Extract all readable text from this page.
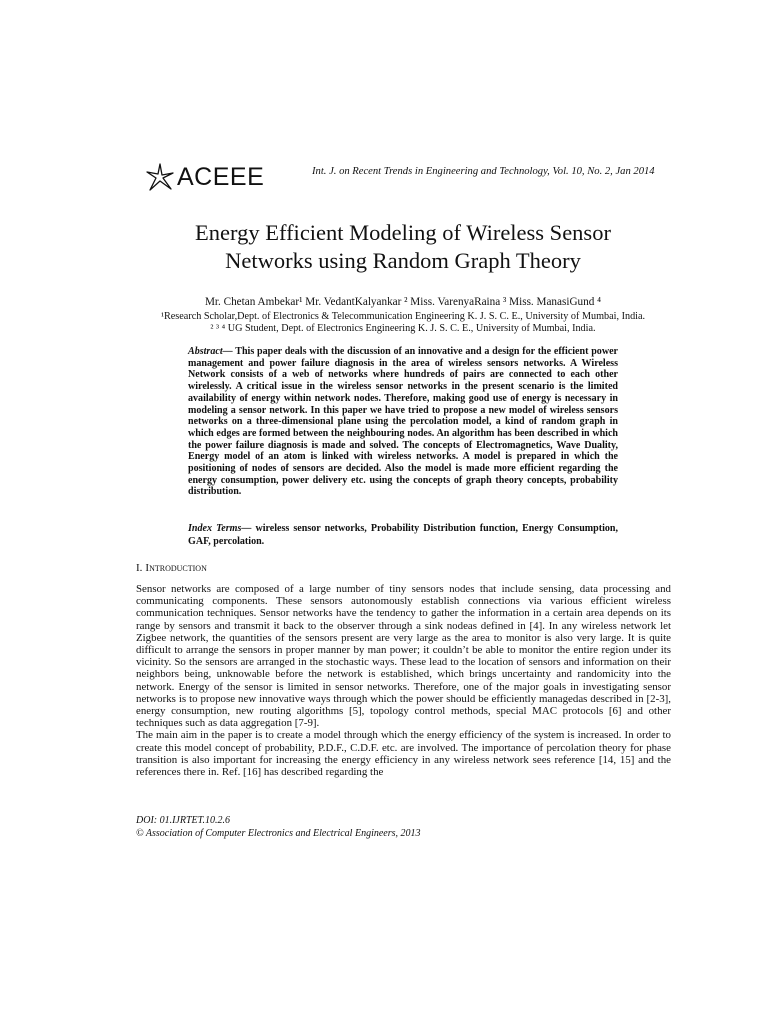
ACEEE	Int. J. on Recent Trends in Engineering and Technology, Vol. 10, No. 2, Jan 2014
Energy Efficient Modeling of Wireless Sensor
Networks using Random Graph Theory
Mr. Chetan Ambekar¹ Mr. VedantKalyankar ² Miss. VarenyaRaina ³ Miss. ManasiGund ⁴
¹Research Scholar,Dept. of Electronics & Telecommunication Engineering K. J. S. C. E., University of Mumbai, India.
² ³ ⁴ UG Student, Dept. of Electronics Engineering K. J. S. C. E., University of Mumbai, India.

Abstract— This paper deals with the discussion of an innovative and a design for the efficient power management and power failure diagnosis in the area of wireless sensors networks. A Wireless Network consists of a web of networks where hundreds of pairs are connected to each other wirelessly. A critical issue in the wireless sensor networks in the present scenario is the limited availability of energy within network nodes. Therefore, making good use of energy is necessary in modeling a sensor network. In this paper we have tried to propose a new model of wireless sensors networks on a three-dimensional plane using the percolation model, a kind of random graph in which edges are formed between the neighbouring nodes. An algorithm has been described in which the power failure diagnosis is made and solved. The concepts of Electromagnetics, Wave Duality, Energy model of an atom is linked with wireless networks. A model is prepared in which the positioning of nodes of sensors are decided. Also the model is made more efficient regarding the energy consumption, power delivery etc. using the concepts of graph theory concepts, probability distribution.

Index Terms— wireless sensor networks, Probability Distribution function, Energy Consumption, GAF, percolation.

I. Introduction

Sensor networks are composed of a large number of tiny sensors nodes that include sensing, data processing and communicating components. These sensors autonomously establish connections via various efficient wireless communication techniques. Sensor networks have the tendency to gather the information in a certain area depends on its range by sensors and transmit it back to the observer through a sink nodeas defined in [4]. In any wireless network let Zigbee network, the quantities of the sensors present are very large as the area to monitor is also very large. It is quite difficult to arrange the sensors in proper manner by man power; it couldn’t be able to monitor the entire region under its vicinity. So the sensors are arranged in the stochastic ways. These lead to the location of sensors and information on their neighbors being, unknowable before the network is established, which brings uncertainty and randomicity into the network. Energy of the sensor is limited in sensor networks. Therefore, one of the major goals in investigating sensor networks is to propose new innovative ways through which the power should be efficiently managedas described in [2-3], energy consumption, new routing algorithms [5], topology control methods, special MAC protocols [6] and other techniques such as data aggregation [7-9].

The main aim in the paper is to create a model through which the energy efficiency of the system is increased. In order to create this model concept of probability, P.D.F., C.D.F. etc. are involved. The importance of percolation theory for phase transition is also important for increasing the energy efficiency in any wireless network sees reference [14, 15] and the references there in. Ref. [16] has described regarding the

DOI: 01.IJRTET.10.2.6
© Association of Computer Electronics and Electrical Engineers, 2013
